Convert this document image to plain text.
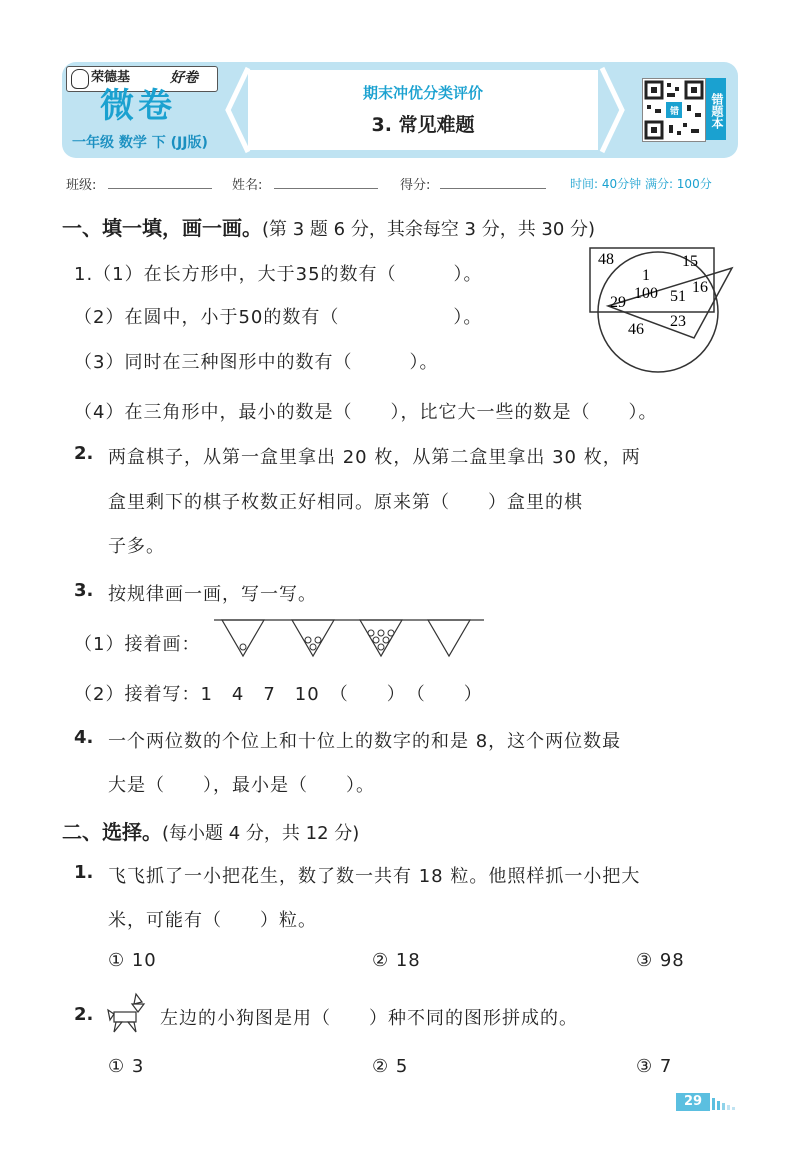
荣德基	好卷
微卷
一年级 数学 下 (JJ版)
期末冲优分类评价
3. 常见难题
错	错题本
班级:	姓名:	得分:	时间: 40分钟 满分: 100分
一、填一填，画一画。(第 3 题 6 分，其余每空 3 分，共 30 分)
1.（1）在长方形中，大于35的数有（　　　）。
（2）在圆中，小于50的数有（　　　　　　）。
（3）同时在三种图形中的数有（　　　）。
（4）在三角形中，最小的数是（　　），比它大一些的数是（　　）。
48	15
1
100
29	51
16
46 23
2. 两盒棋子，从第一盒里拿出 20 枚，从第二盒里拿出 30 枚，两
盒里剩下的棋子枚数正好相同。原来第（　　）盒里的棋
子多。
3. 按规律画一画，写一写。
（1）接着画：
（2）接着写：1　4　7　10　（　　）　（　　）
4. 一个两位数的个位上和十位上的数字的和是 8，这个两位数最
大是（　　），最小是（　　）。
二、选择。(每小题 4 分，共 12 分)
1. 飞飞抓了一小把花生，数了数一共有 18 粒。他照样抓一小把大
米，可能有（　　）粒。
① 10	② 18	③ 98
2.	左边的小狗图是用（　　）种不同的图形拼成的。
① 3	② 5	③ 7
29
